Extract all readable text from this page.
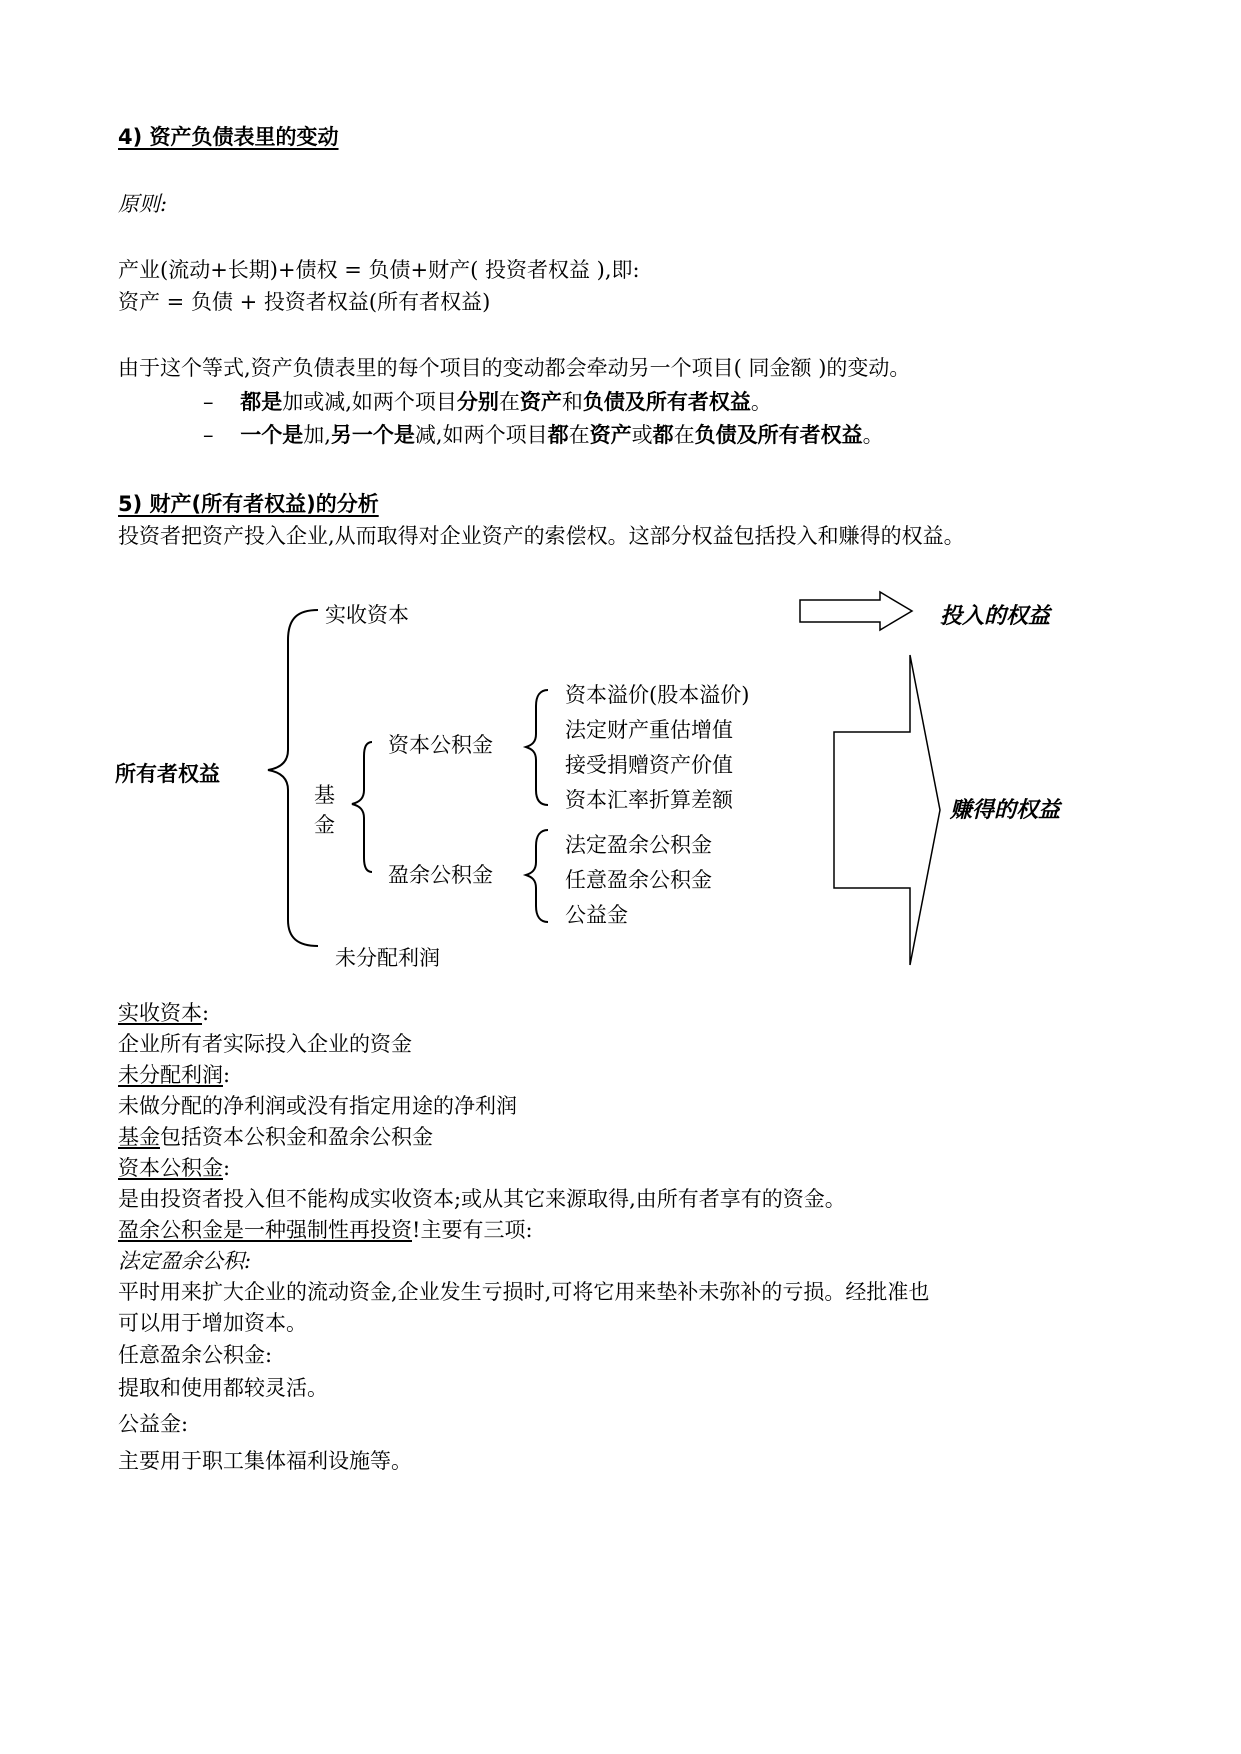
4) 资产负债表里的变动
原则:
产业(流动+长期)+债权 = 负债+财产( 投资者权益 ),即:
资产 = 负债 + 投资者权益(所有者权益)
由于这个等式,资产负债表里的每个项目的变动都会牵动另一个项目( 同金额 )的变动。
– 都是加或减,如两个项目分别在资产和负债及所有者权益。
– 一个是加,另一个是减,如两个项目都在资产或都在负债及所有者权益。
5) 财产(所有者权益)的分析
投资者把资产投入企业,从而取得对企业资产的索偿权。这部分权益包括投入和赚得的权益。
实收资本	投入的权益
所有者权益
基金
资本公积金
盈余公积金
资本溢价(股本溢价)
法定财产重估增值
接受捐赠资产价值
资本汇率折算差额
法定盈余公积金
任意盈余公积金
公益金
赚得的权益
未分配利润
实收资本:
企业所有者实际投入企业的资金
未分配利润:
未做分配的净利润或没有指定用途的净利润
基金包括资本公积金和盈余公积金
资本公积金:
是由投资者投入但不能构成实收资本;或从其它来源取得,由所有者享有的资金。
盈余公积金是一种强制性再投资!主要有三项:
法定盈余公积:
平时用来扩大企业的流动资金,企业发生亏损时,可将它用来垫补未弥补的亏损。经批准也
可以用于增加资本。
任意盈余公积金:
提取和使用都较灵活。
公益金:
主要用于职工集体福利设施等。
